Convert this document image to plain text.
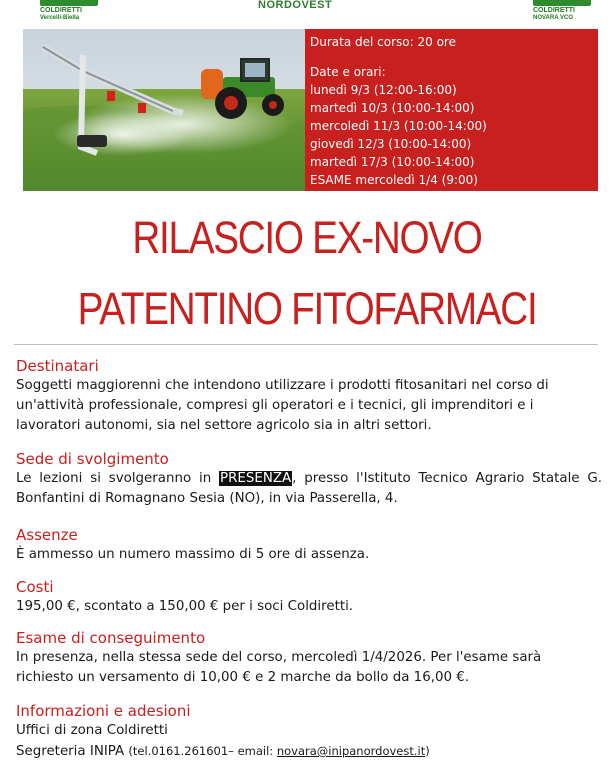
COLDIRETTI
Vercelli-Biella
NORDOVEST	COLDIRETTI
NOVARA VCO
Durata del corso: 20 ore
Date e orari:
lunedì 9/3 (12:00-16:00)
martedì 10/3 (10:00-14:00)
mercoledì 11/3 (10:00-14:00)
giovedì 12/3 (10:00-14:00)
martedì 17/3 (10:00-14:00)
ESAME mercoledì 1/4 (9:00)
RILASCIO EX-NOVO
PATENTINO FITOFARMACI
Destinatari
Soggetti maggiorenni che intendono utilizzare i prodotti fitosanitari nel corso di un'attività professionale, compresi gli operatori e i tecnici, gli imprenditori e i lavoratori autonomi, sia nel settore agricolo sia in altri settori.
Sede di svolgimento
Le lezioni si svolgeranno in PRESENZA, presso l'Istituto Tecnico Agrario Statale G. Bonfantini di Romagnano Sesia (NO), in via Passerella, 4.
Assenze
È ammesso un numero massimo di 5 ore di assenza.
Costi
195,00 €, scontato a 150,00 € per i soci Coldiretti.
Esame di conseguimento
In presenza, nella stessa sede del corso, mercoledì 1/4/2026. Per l'esame sarà richiesto un versamento di 10,00 € e 2 marche da bollo da 16,00 €.
Informazioni e adesioni
Uffici di zona Coldiretti
Segreteria INIPA (tel.0161.261601– email: novara@inipanordovest.it)
